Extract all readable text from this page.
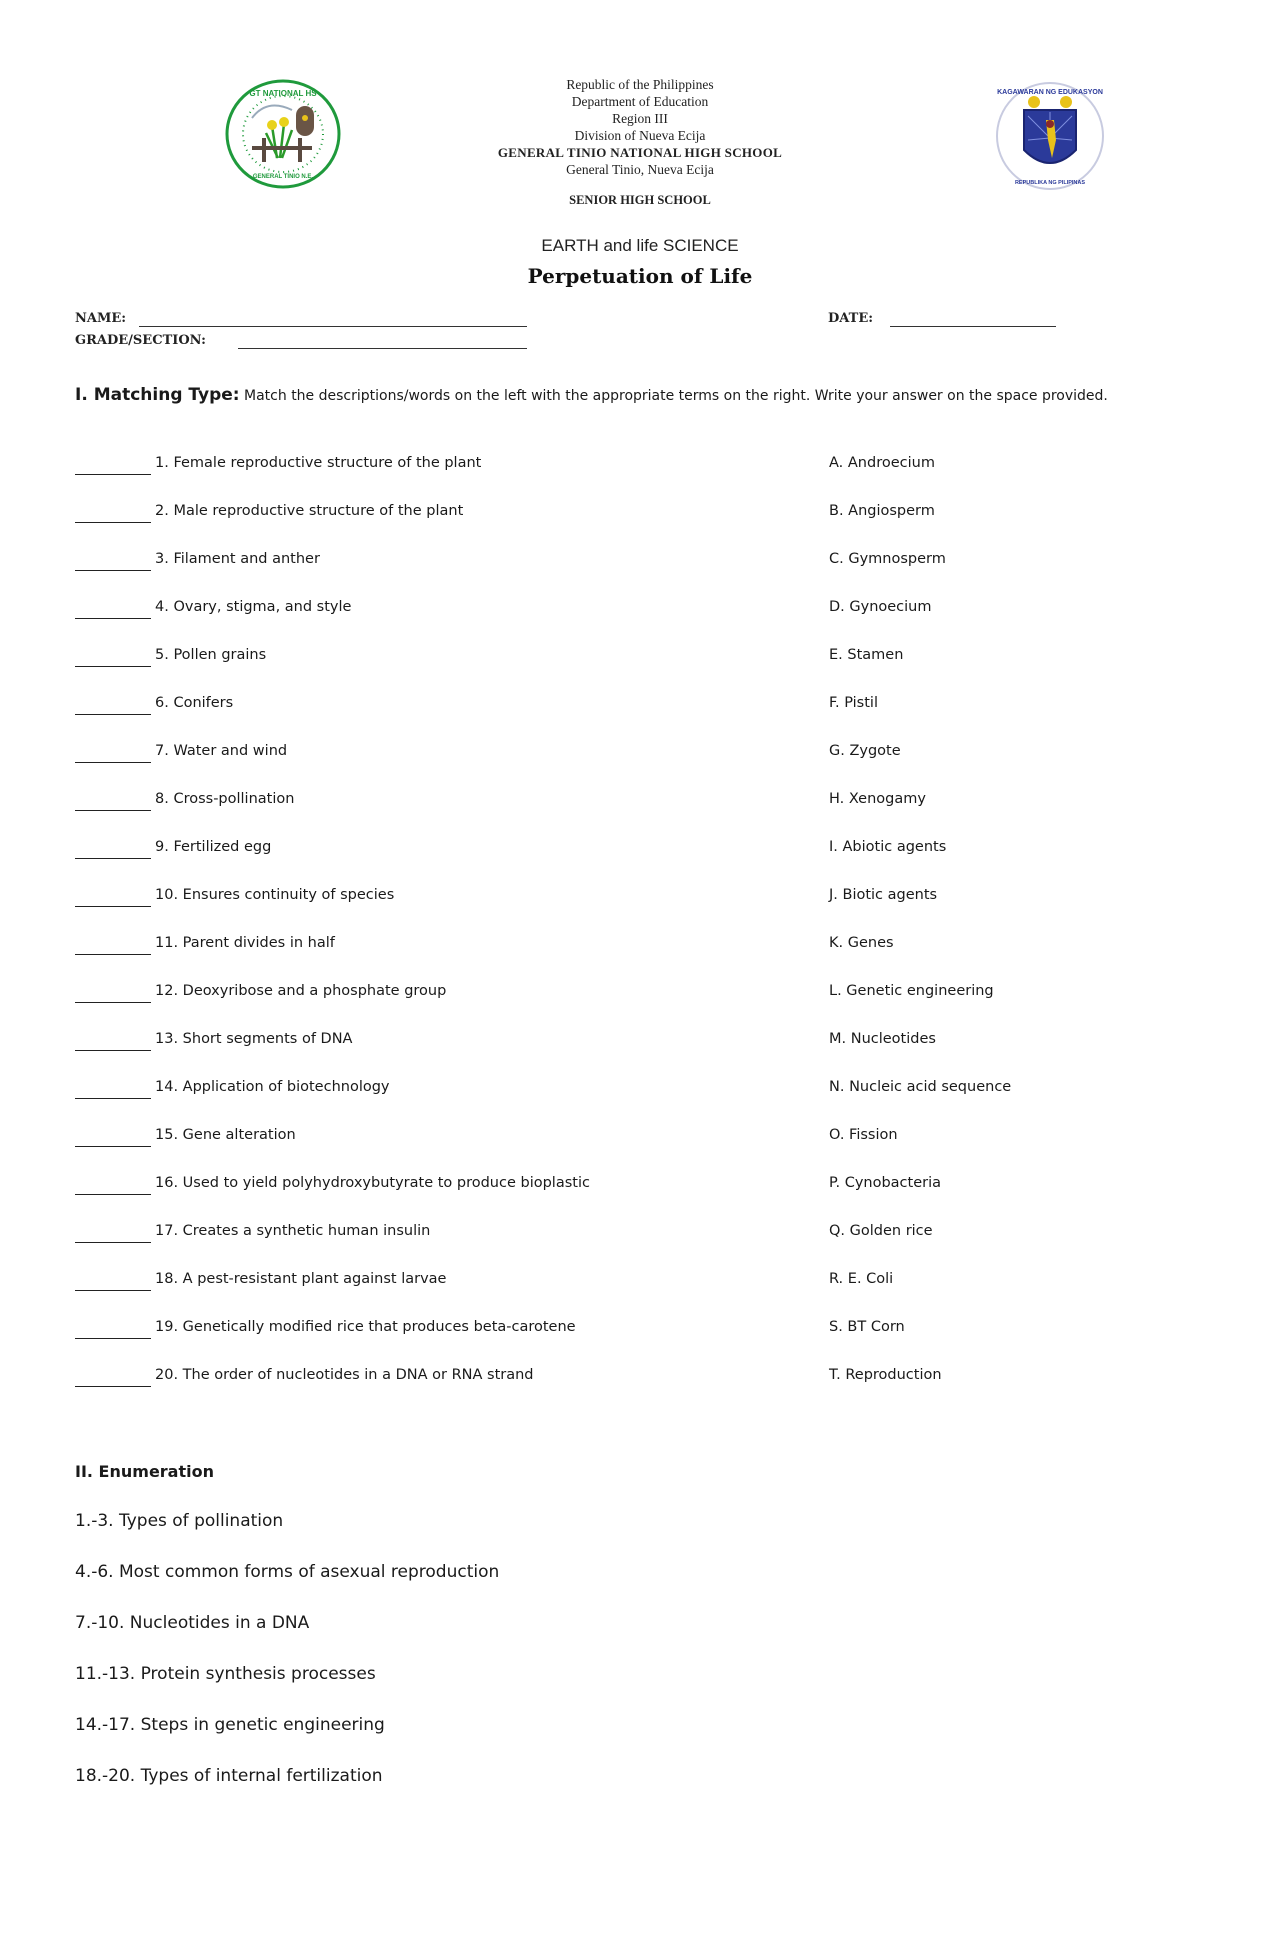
GT NATIONAL HS
GENERAL TINIO N.E.
Republic of the Philippines
Department of Education
Region III
Division of Nueva Ecija
GENERAL TINIO NATIONAL HIGH SCHOOL
General Tinio, Nueva Ecija
SENIOR HIGH SCHOOL
KAGAWARAN NG EDUKASYON
REPUBLIKA NG PILIPINAS
EARTH and life SCIENCE
Perpetuation of Life
NAME:	DATE:
GRADE/SECTION:
I. Matching Type: Match the descriptions/words on the left with the appropriate terms on the right. Write your answer on the space provided.
1. Female reproductive structure of the plant
2. Male reproductive structure of the plant
3. Filament and anther
4. Ovary, stigma, and style
5. Pollen grains
6. Conifers
7. Water and wind
8. Cross-pollination
9. Fertilized egg
10. Ensures continuity of species
11. Parent divides in half
12. Deoxyribose and a phosphate group
13. Short segments of DNA
14. Application of biotechnology
15. Gene alteration
16. Used to yield polyhydroxybutyrate to produce bioplastic
17. Creates a synthetic human insulin
18. A pest-resistant plant against larvae
19. Genetically modified rice that produces beta-carotene
20. The order of nucleotides in a DNA or RNA strand
A. Androecium
B. Angiosperm
C. Gymnosperm
D. Gynoecium
E. Stamen
F. Pistil
G. Zygote
H. Xenogamy
I. Abiotic agents
J. Biotic agents
K. Genes
L. Genetic engineering
M. Nucleotides
N. Nucleic acid sequence
O. Fission
P. Cynobacteria
Q. Golden rice
R. E. Coli
S. BT Corn
T. Reproduction
II. Enumeration
1.-3. Types of pollination
4.-6. Most common forms of asexual reproduction
7.-10. Nucleotides in a DNA
11.-13. Protein synthesis processes
14.-17. Steps in genetic engineering
18.-20. Types of internal fertilization
